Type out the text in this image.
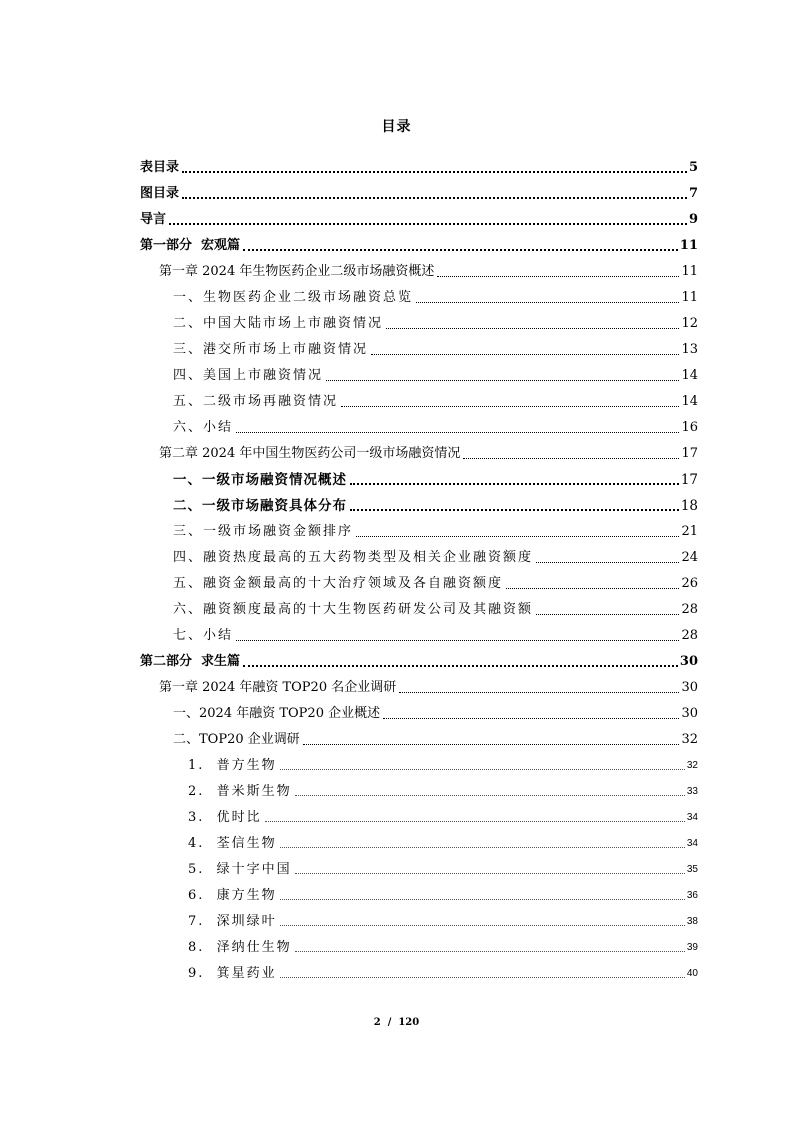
目录
表目录	5
图目录	7
导言	9
第一部分  宏观篇	11
第一章 2024 年生物医药企业二级市场融资概述	11
一、生物医药企业二级市场融资总览	11
二、中国大陆市场上市融资情况	12
三、港交所市场上市融资情况	13
四、美国上市融资情况	14
五、二级市场再融资情况	14
六、小结	16
第二章 2024 年中国生物医药公司一级市场融资情况	17
一、一级市场融资情况概述	17
二、一级市场融资具体分布	18
三、一级市场融资金额排序	21
四、融资热度最高的五大药物类型及相关企业融资额度	24
五、融资金额最高的十大治疗领域及各自融资额度	26
六、融资额度最高的十大生物医药研发公司及其融资额	28
七、小结	28
第二部分  求生篇	30
第一章 2024 年融资 TOP20 名企业调研	30
一、2024 年融资 TOP20 企业概述	30
二、TOP20 企业调研	32
1.  普方生物	32
2.  普米斯生物	33
3.  优时比	34
4.  荃信生物	34
5.  绿十字中国	35
6.  康方生物	36
7.  深圳绿叶	38
8.  泽纳仕生物	39
9.  箕星药业	40
2  /  120
